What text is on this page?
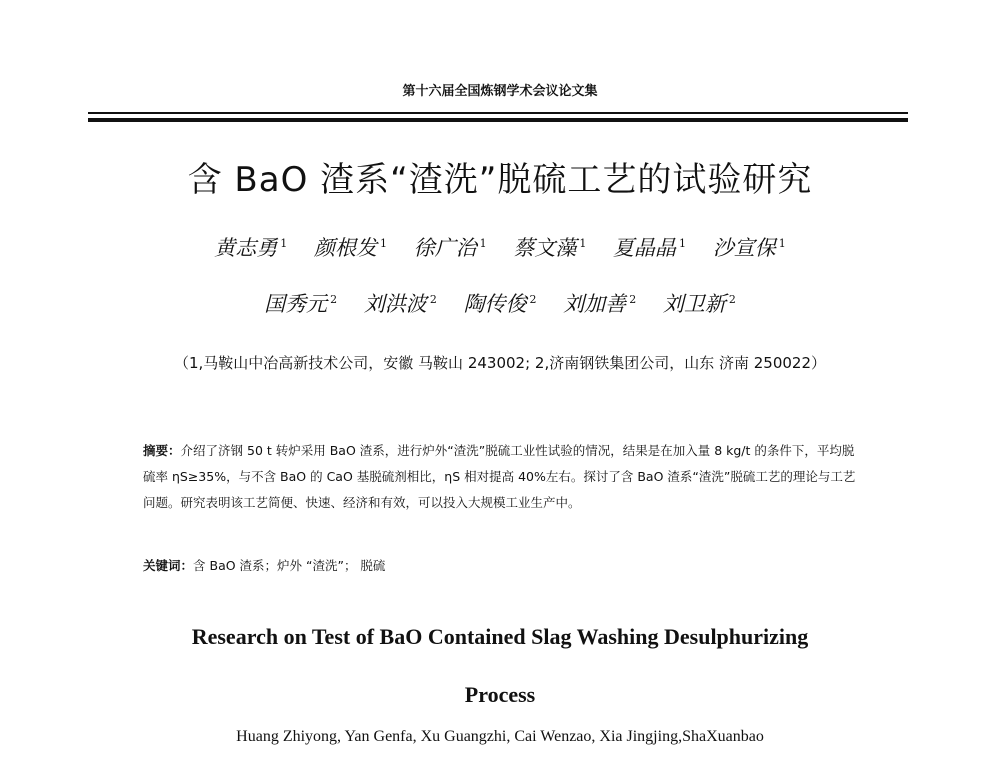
第十六届全国炼钢学术会议论文集
含 BaO 渣系“渣洗”脱硫工艺的试验研究
黄志勇 $^1$ 颜根发 $^1$ 徐广治 $^1$ 蔡文藻 $^1$ 夏晶晶 $^1$ 沙宣保 $^1$
国秀元 $^2$ 刘洪波 $^2$ 陶传俊 $^2$ 刘加善 $^2$ 刘卫新 $^2$
（1,马鞍山中冶高新技术公司，安徽 马鞍山 243002; 2,济南钢铁集团公司，山东 济南 250022）
摘要：介绍了济钢 50 t 转炉采用 BaO 渣系，进行炉外“渣洗”脱硫工业性试验的情况，结果是在加入量 8 kg/t 的条件下，平均脱硫率 ηS≥35%，与不含 BaO 的 CaO 基脱硫剂相比，ηS 相对提高 40%左右。探讨了含 BaO 渣系“渣洗”脱硫工艺的理论与工艺问题。研究表明该工艺简便、快速、经济和有效，可以投入大规模工业生产中。
关键词：含 BaO 渣系；炉外 “渣洗”； 脱硫
Research on Test of BaO Contained Slag Washing Desulphurizing
Process
Huang Zhiyong, Yan Genfa, Xu Guangzhi, Cai Wenzao, Xia Jingjing,ShaXuanbao
